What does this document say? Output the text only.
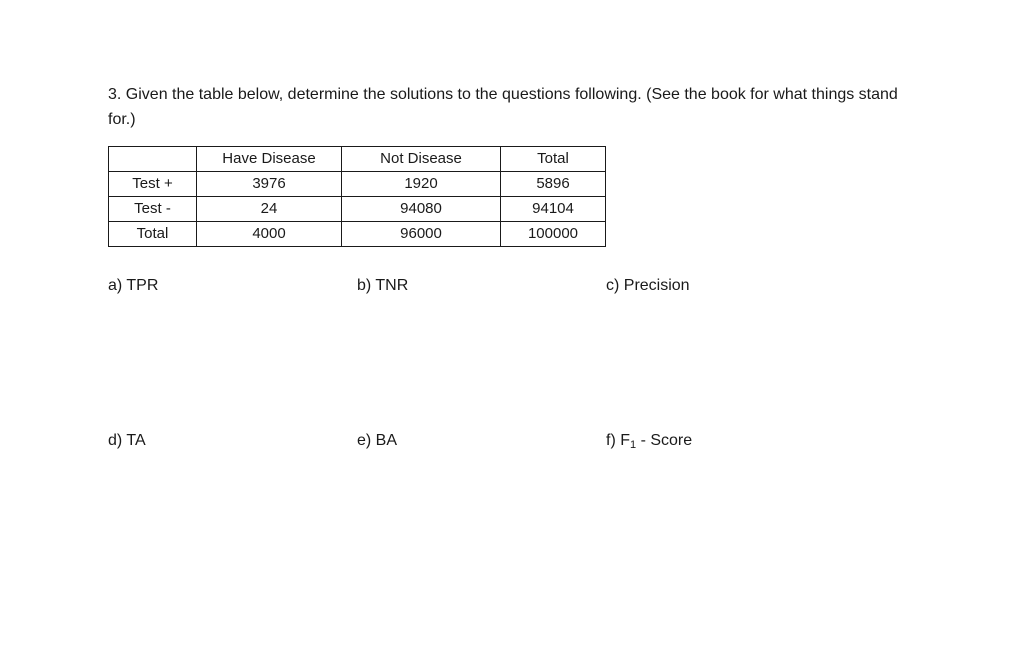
3. Given the table below, determine the solutions to the questions following. (See the book for what things stand for.)
	Have Disease	Not Disease	Total
Test +	3976	1920	5896
Test -	24	94080	94104
Total	4000	96000	100000
a) TPR	b) TNR	c) Precision
d) TA	e) BA	f) $F_1$ - Score
